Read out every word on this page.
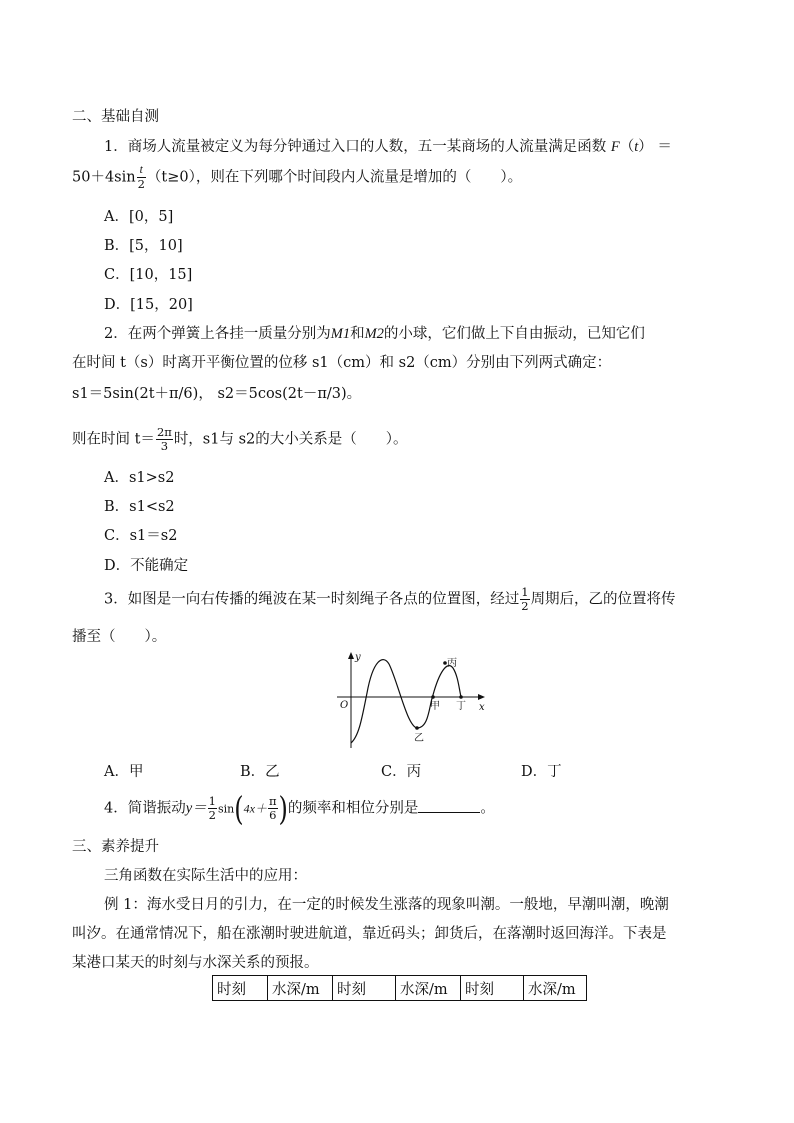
二、基础自测
1．商场人流量被定义为每分钟通过入口的人数，五一某商场的人流量满足函数 F（t） ＝
$50+4\sin \frac{t}{2} (t\ge 0)$，则在下列哪个时间段内人流量是增加的（　　）。
A．[0，5]
B．[5，10]
C．[10，15]
D．[15，20]
2．在两个弹簧上各挂一质量分别为M1和M2的小球，它们做上下自由振动，已知它们
在时间 t（s）时离开平衡位置的位移 s1（cm）和 s2（cm）分别由下列两式确定：
s1＝5sin(2t＋π/6)， s2＝5cos(2t－π/3)。
则在时间 $t= \frac{2\pi}{3}$ 时，s1与 s2的大小关系是（　　）。
A．s1>s2
B．s1<s2
C．s1＝s2
D．不能确定
3．如图是一向右传播的绳波在某一时刻绳子各点的位置图，经过 $\frac{1}{2}$ 周期后，乙的位置将传
播至（　　）。
y
x
O	甲
乙
丙
丁
A．甲	B．乙	C．丙	D．丁
4．简谐振动$y= \frac{1}{2} \sin(4x+ \frac{\pi}{6}$ )的频率和相位分别是	。
三、素养提升
三角函数在实际生活中的应用：
例 1：海水受日月的引力，在一定的时候发生涨落的现象叫潮。一般地，早潮叫潮，晚潮
叫汐。在通常情况下，船在涨潮时驶进航道，靠近码头；卸货后，在落潮时返回海洋。下表是
某港口某天的时刻与水深关系的预报。
时刻	水深/m	时刻	水深/m	时刻	水深/m
